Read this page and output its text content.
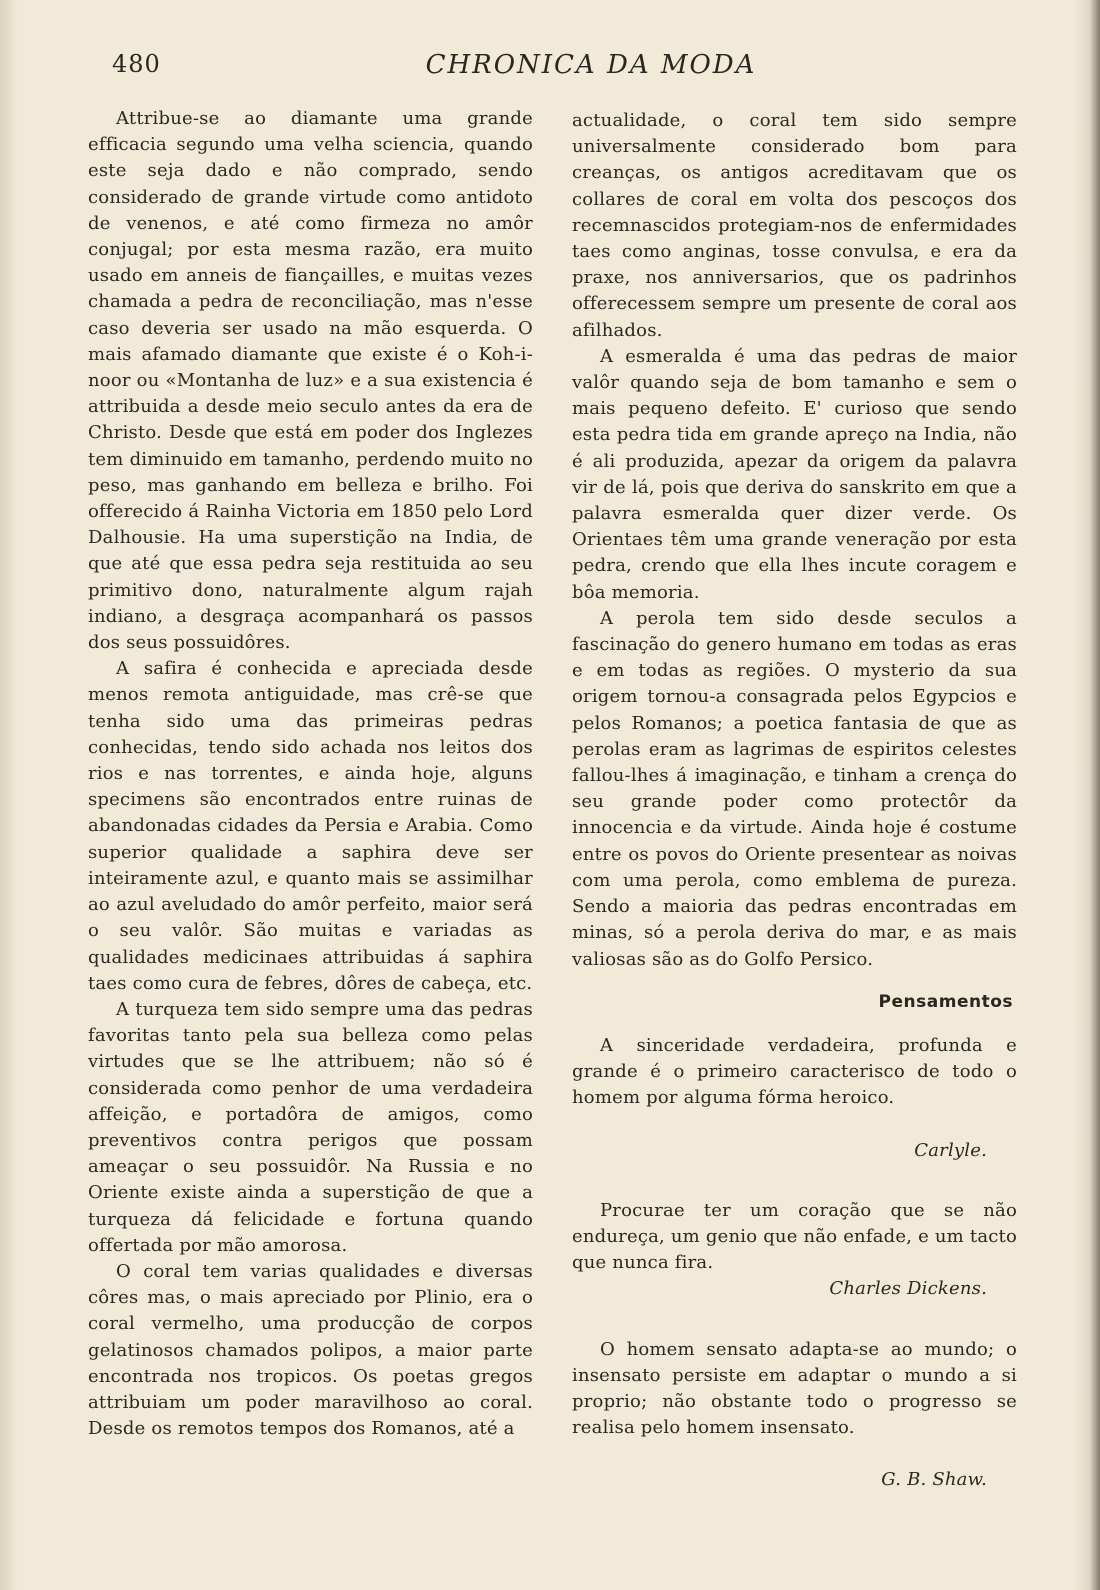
480	CHRONICA DA MODA

Attribue-se ao diamante uma grande efficacia segundo uma velha sciencia, quando este seja dado e não comprado, sendo considerado de grande virtude como antidoto de venenos, e até como firmeza no amôr conjugal; por esta mesma razão, era muito usado em anneis de fiançailles, e muitas vezes chamada a pedra de reconciliação, mas n'esse caso deveria ser usado na mão esquerda. O mais afamado diamante que existe é o Koh-i-noor ou «Montanha de luz» e a sua existencia é attribuida a desde meio seculo antes da era de Christo. Desde que está em poder dos Inglezes tem diminuido em tamanho, perdendo muito no peso, mas ganhando em belleza e brilho. Foi offerecido á Rainha Victoria em 1850 pelo Lord Dalhousie. Ha uma superstição na India, de que até que essa pedra seja restituida ao seu primitivo dono, naturalmente algum rajah indiano, a desgraça acompanhará os passos dos seus possuidôres.

A safira é conhecida e apreciada desde menos remota antiguidade, mas crê-se que tenha sido uma das primeiras pedras conhecidas, tendo sido achada nos leitos dos rios e nas torrentes, e ainda hoje, alguns specimens são encontrados entre ruinas de abandonadas cidades da Persia e Arabia. Como superior qualidade a saphira deve ser inteiramente azul, e quanto mais se assimilhar ao azul aveludado do amôr perfeito, maior será o seu valôr. São muitas e variadas as qualidades medicinaes attribuidas á saphira taes como cura de febres, dôres de cabeça, etc.

A turqueza tem sido sempre uma das pedras favoritas tanto pela sua belleza como pelas virtudes que se lhe attribuem; não só é considerada como penhor de uma verdadeira affeição, e portadôra de amigos, como preventivos contra perigos que possam ameaçar o seu possuidôr. Na Russia e no Oriente existe ainda a superstição de que a turqueza dá felicidade e fortuna quando offertada por mão amorosa.

O coral tem varias qualidades e diversas côres mas, o mais apreciado por Plinio, era o coral vermelho, uma producção de corpos gelatinosos chamados polipos, a maior parte encontrada nos tropicos. Os poetas gregos attribuiam um poder maravilhoso ao coral. Desde os remotos tempos dos Romanos, até a

actualidade, o coral tem sido sempre universalmente considerado bom para creanças, os antigos acreditavam que os collares de coral em volta dos pescoços dos recemnascidos protegiam-nos de enfermidades taes como anginas, tosse convulsa, e era da praxe, nos anniversarios, que os padrinhos offerecessem sempre um presente de coral aos afilhados.

A esmeralda é uma das pedras de maior valôr quando seja de bom tamanho e sem o mais pequeno defeito. E' curioso que sendo esta pedra tida em grande apreço na India, não é ali produzida, apezar da origem da palavra vir de lá, pois que deriva do sanskrito em que a palavra esmeralda quer dizer verde. Os Orientaes têm uma grande veneração por esta pedra, crendo que ella lhes incute coragem e bôa memoria.

A perola tem sido desde seculos a fascinação do genero humano em todas as eras e em todas as regiões. O mysterio da sua origem tornou-a consagrada pelos Egypcios e pelos Romanos; a poetica fantasia de que as perolas eram as lagrimas de espiritos celestes fallou-lhes á imaginação, e tinham a crença do seu grande poder como protectôr da innocencia e da virtude. Ainda hoje é costume entre os povos do Oriente presentear as noivas com uma perola, como emblema de pureza. Sendo a maioria das pedras encontradas em minas, só a perola deriva do mar, e as mais valiosas são as do Golfo Persico.

Pensamentos

A sinceridade verdadeira, profunda e grande é o primeiro caracterisco de todo o homem por alguma fórma heroico.

Carlyle.

Procurae ter um coração que se não endureça, um genio que não enfade, e um tacto que nunca fira.

Charles Dickens.

O homem sensato adapta-se ao mundo; o insensato persiste em adaptar o mundo a si proprio; não obstante todo o progresso se realisa pelo homem insensato.

G. B. Shaw.
